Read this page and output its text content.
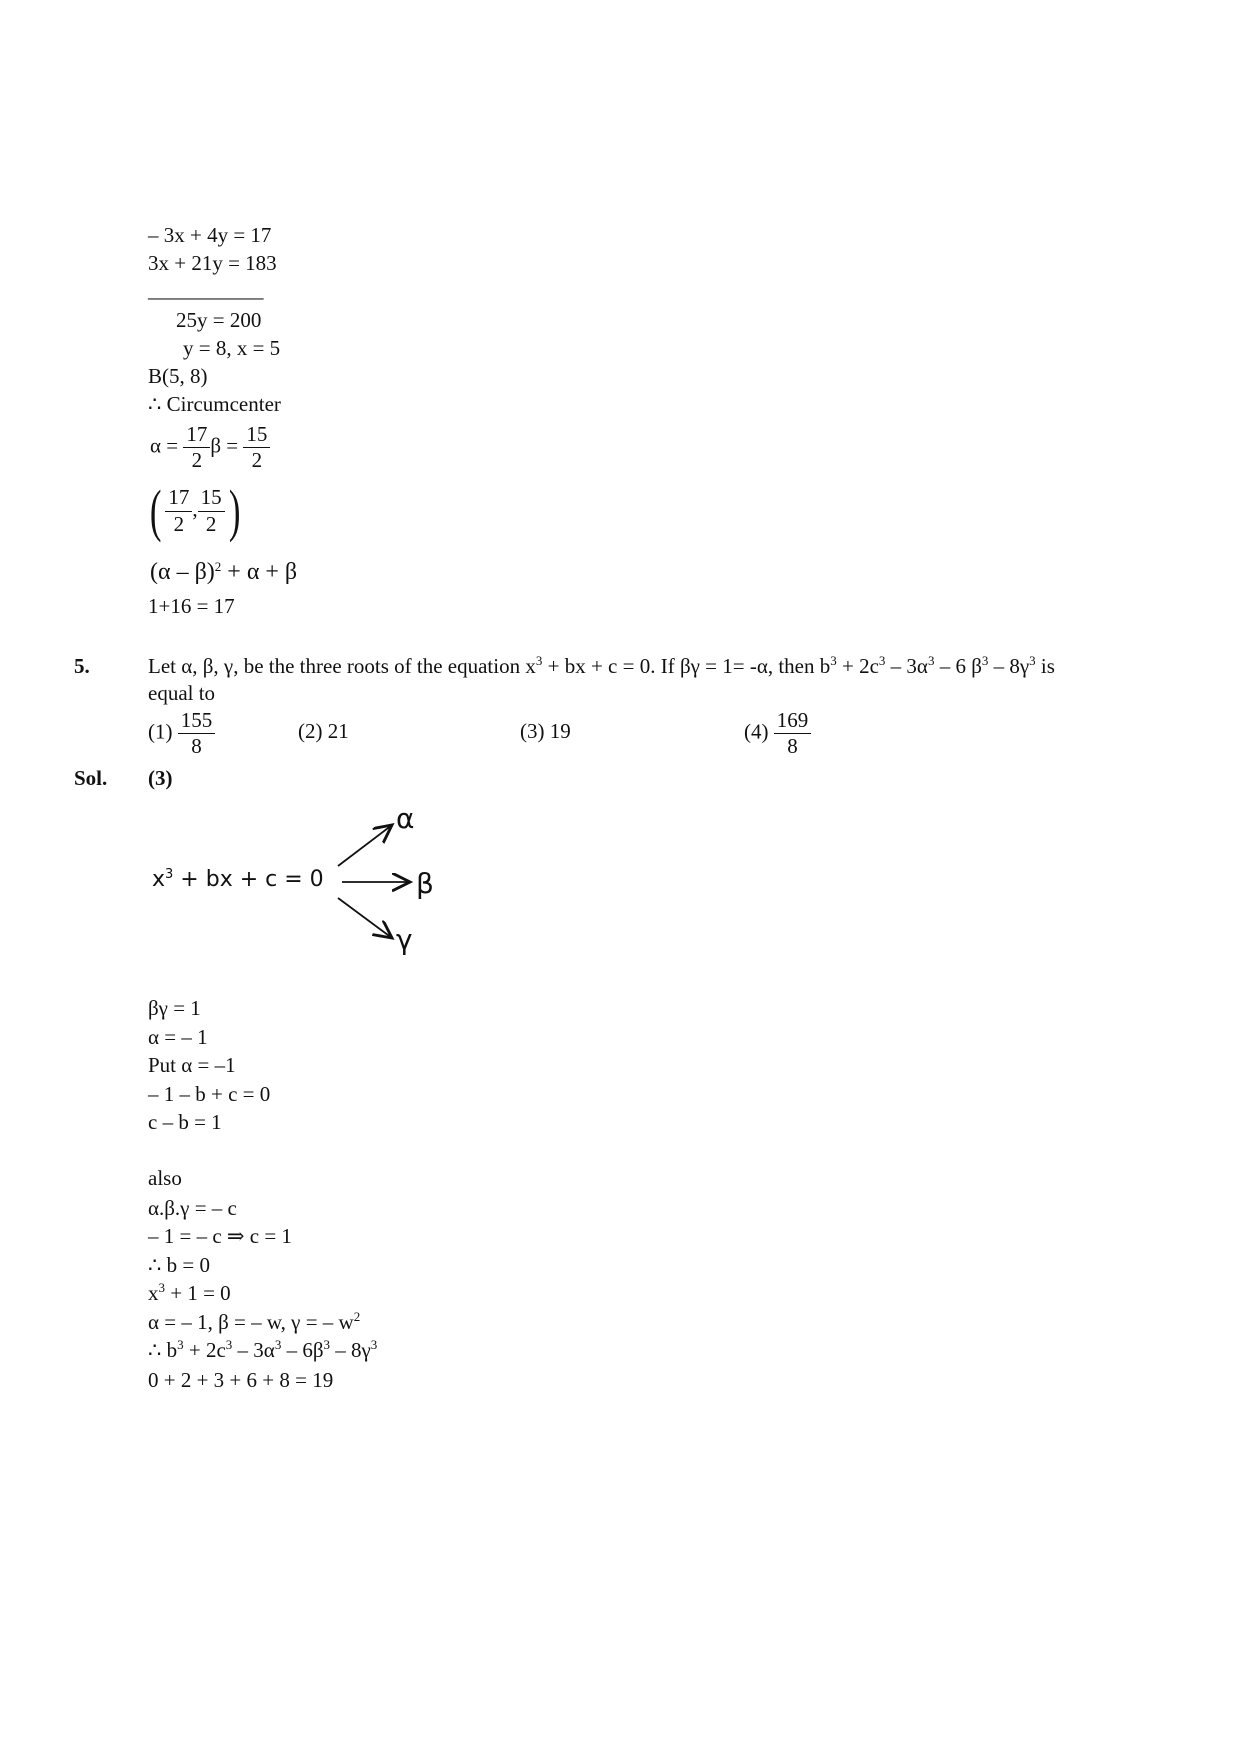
– 3x + 4y = 17
3x + 21y = 183
___________
25y = 200
y = 8, x = 5
B(5, 8)
∴ Circumcenter
$\alpha = \frac{17}{2}$ $\beta = \frac{15}{2}$
( $\frac{17}{2}$ , $\frac{15}{2}$ )
(α – β)$^2$ + α + β
1+16 = 17
5.	Let α, β, γ, be the three roots of the equation $x^3$ + bx + c = 0. If βγ = 1= -α, then $b^3 + 2c^3 - 3\alpha^3 - 6$ $\beta^3 - 8\gamma^3$ is
equal to
$(1) \frac{155}{8}$	(2) 21	(3) 19	$(4) \frac{169}{8}$
Sol. (3)
$x^3$ + bx + c = 0
α
β
γ
βγ = 1
α = – 1
Put α = –1
– 1 – b + c = 0
c – b = 1
also
α.β.γ = – c
– 1 = – c ⇒ c = 1
∴ b = 0
$x^3 + 1 = 0$
α = – 1, β = – w, γ = – $w^2$
∴ $b^3 + 2c^3 - 3\alpha^3 - 6\beta^3 - 8\gamma^3$
0 + 2 + 3 + 6 + 8 = 19
